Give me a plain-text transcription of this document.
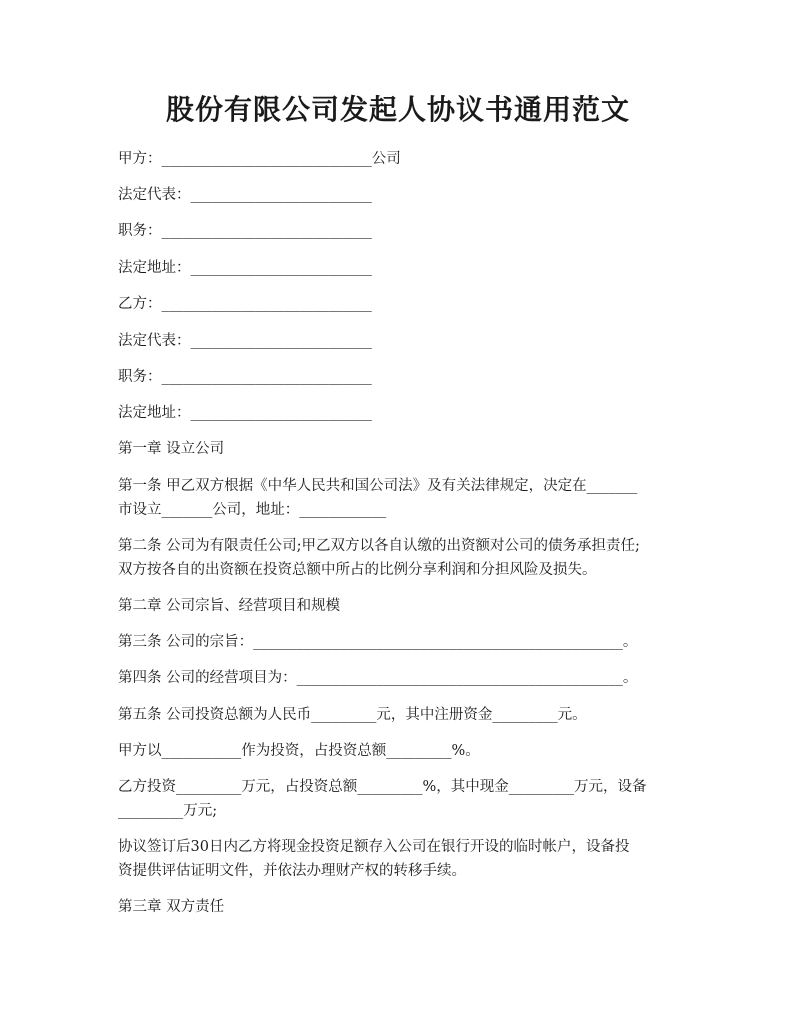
股份有限公司发起人协议书通用范文
甲方：_____________________________公司
法定代表：_________________________
职务：_____________________________
法定地址：_________________________
乙方：_____________________________
法定代表：_________________________
职务：_____________________________
法定地址：_________________________
第一章 设立公司
第一条 甲乙双方根据《中华人民共和国公司法》及有关法律规定，决定在_______
市设立_______公司，地址：____________
第二条 公司为有限责任公司;甲乙双方以各自认缴的出资额对公司的债务承担责任;
双方按各自的出资额在投资总额中所占的比例分享利润和分担风险及损失。
第二章 公司宗旨、经营项目和规模
第三条 公司的宗旨：___________________________________________________。
第四条 公司的经营项目为：_____________________________________________。
第五条 公司投资总额为人民币_________元，其中注册资金_________元。
甲方以___________作为投资，占投资总额_________%。
乙方投资_________万元，占投资总额_________%，其中现金_________万元，设备
_________万元;
协议签订后30日内乙方将现金投资足额存入公司在银行开设的临时帐户，设备投
资提供评估证明文件，并依法办理财产权的转移手续。
第三章 双方责任
